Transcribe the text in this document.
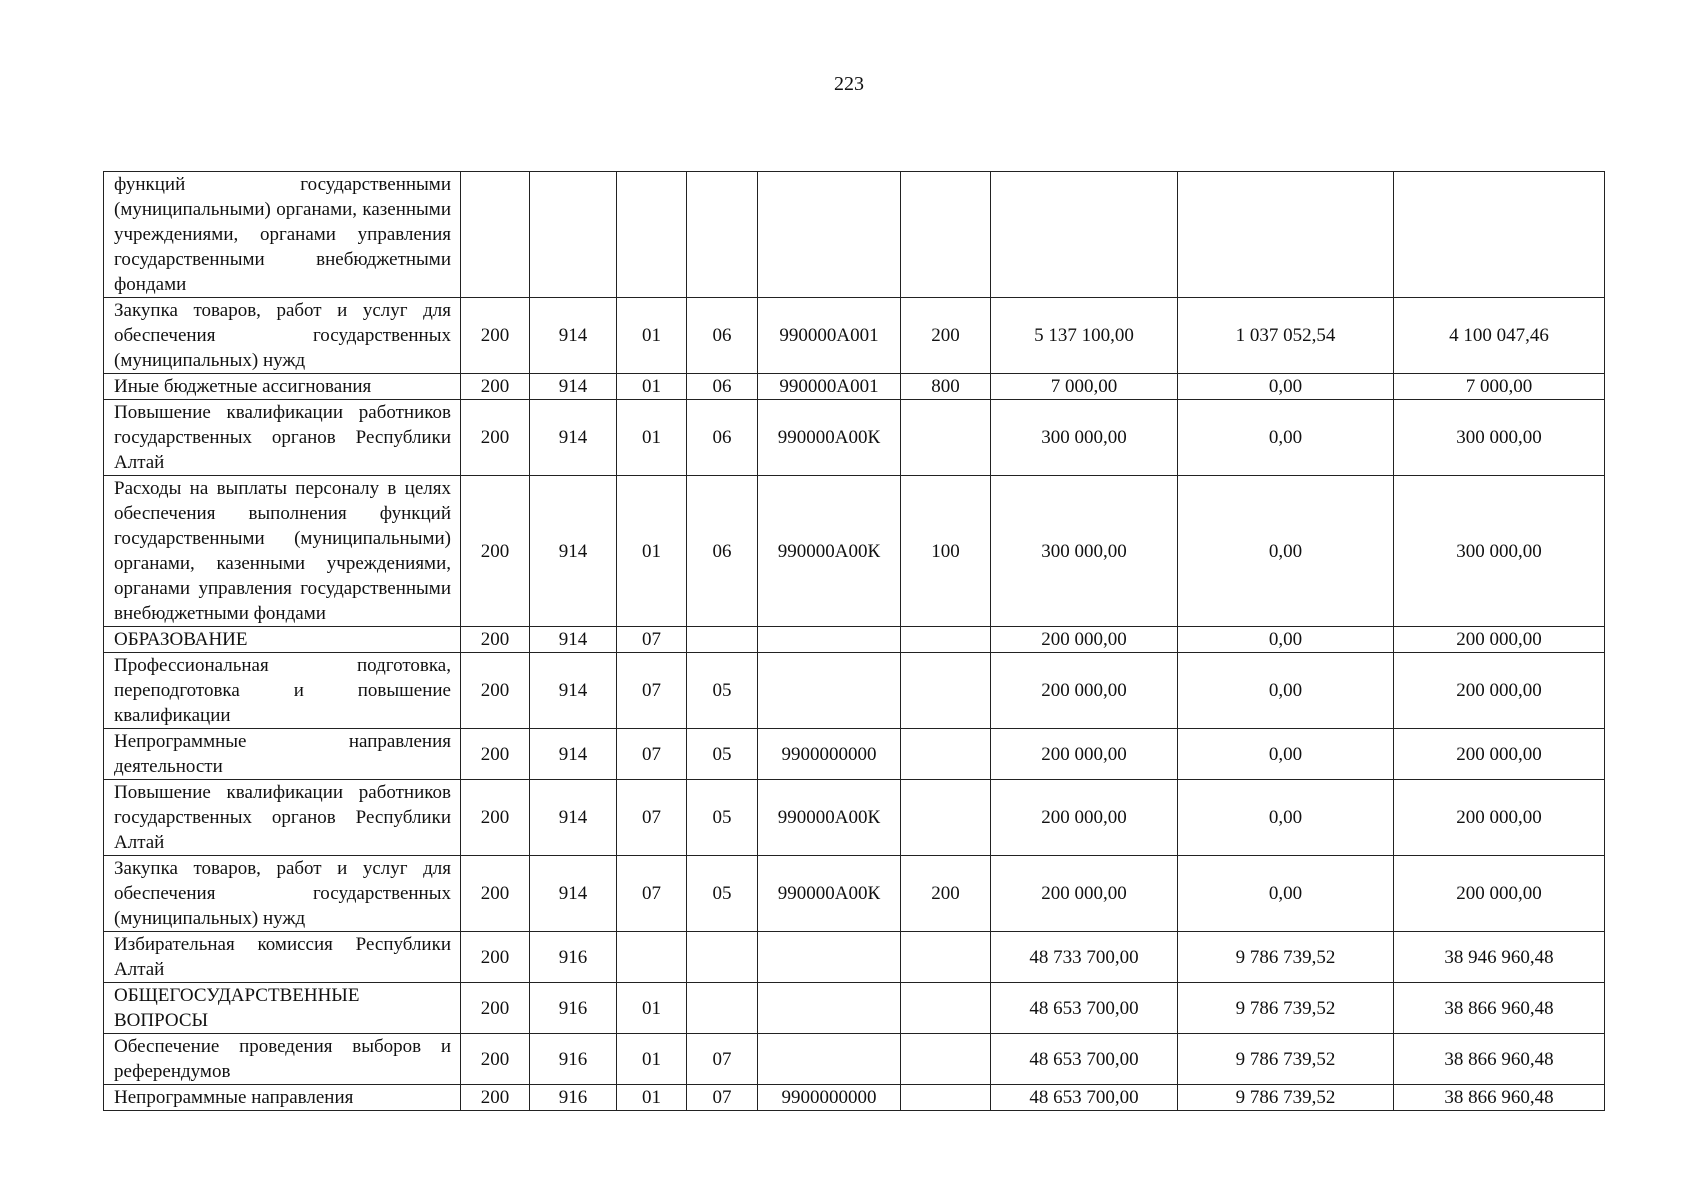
223
функций государственными (муниципальными) органами, казенными учреждениями, органами управления государственными внебюджетными фондами									
Закупка товаров, работ и услуг для обеспечения государственных (муниципальных) нужд	200	914	01	06	990000А001	200	5 137 100,00	1 037 052,54	4 100 047,46
Иные бюджетные ассигнования	200	914	01	06	990000А001	800	7 000,00	0,00	7 000,00
Повышение квалификации работников государственных органов Республики Алтай	200	914	01	06	990000А00К		300 000,00	0,00	300 000,00
Расходы на выплаты персоналу в целях обеспечения выполнения функций государственными (муниципальными) органами, казенными учреждениями, органами управления государственными внебюджетными фондами	200	914	01	06	990000А00К	100	300 000,00	0,00	300 000,00
ОБРАЗОВАНИЕ	200	914	07				200 000,00	0,00	200 000,00
Профессиональная подготовка, переподготовка и повышение квалификации	200	914	07	05			200 000,00	0,00	200 000,00
Непрограммные направления деятельности	200	914	07	05	9900000000		200 000,00	0,00	200 000,00
Повышение квалификации работников государственных органов Республики Алтай	200	914	07	05	990000А00К		200 000,00	0,00	200 000,00
Закупка товаров, работ и услуг для обеспечения государственных (муниципальных) нужд	200	914	07	05	990000А00К	200	200 000,00	0,00	200 000,00
Избирательная комиссия Республики Алтай	200	916					48 733 700,00	9 786 739,52	38 946 960,48
ОБЩЕГОСУДАРСТВЕННЫЕ ВОПРОСЫ	200	916	01				48 653 700,00	9 786 739,52	38 866 960,48
Обеспечение проведения выборов и референдумов	200	916	01	07			48 653 700,00	9 786 739,52	38 866 960,48
Непрограммные направления	200	916	01	07	9900000000		48 653 700,00	9 786 739,52	38 866 960,48
